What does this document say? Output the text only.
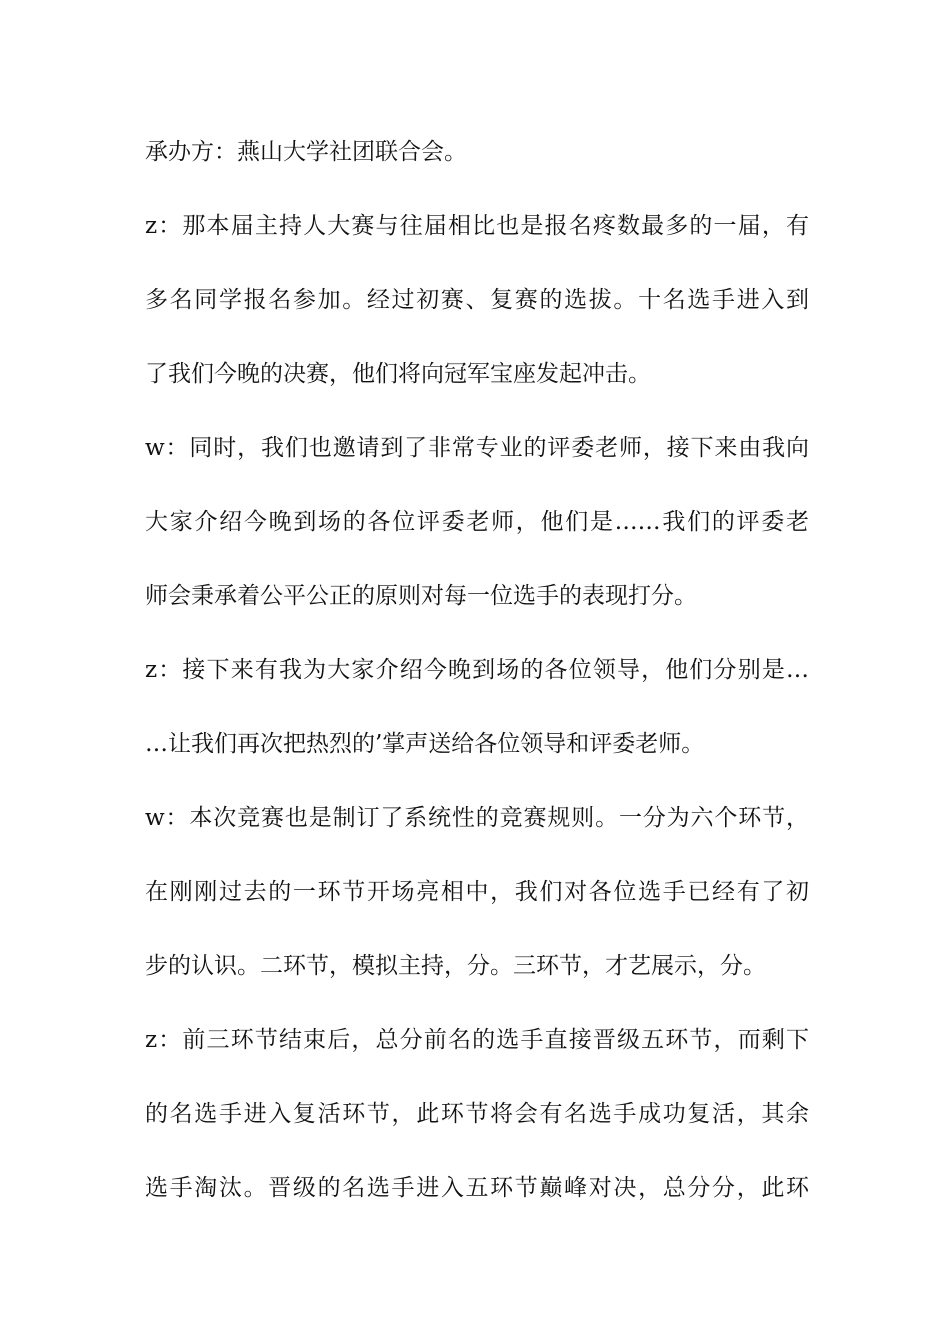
承办方：燕山大学社团联合会。
z：那本届主持人大赛与往届相比也是报名疼数最多的一届，有
多名同学报名参加。经过初赛、复赛的选拔。十名选手进入到
了我们今晚的决赛，他们将向冠军宝座发起冲击。
w：同时，我们也邀请到了非常专业的评委老师，接下来由我向
大家介绍今晚到场的各位评委老师，他们是……我们的评委老
师会秉承着公平公正的原则对每一位选手的表现打分。
z：接下来有我为大家介绍今晚到场的各位领导，他们分别是…
…让我们再次把热烈的’掌声送给各位领导和评委老师。
w：本次竞赛也是制订了系统性的竞赛规则。一分为六个环节，
在刚刚过去的一环节开场亮相中，我们对各位选手已经有了初
步的认识。二环节，模拟主持，分。三环节，才艺展示，分。
z：前三环节结束后，总分前名的选手直接晋级五环节，而剩下
的名选手进入复活环节，此环节将会有名选手成功复活，其余
选手淘汰。晋级的名选手进入五环节巅峰对决，总分分，此环
